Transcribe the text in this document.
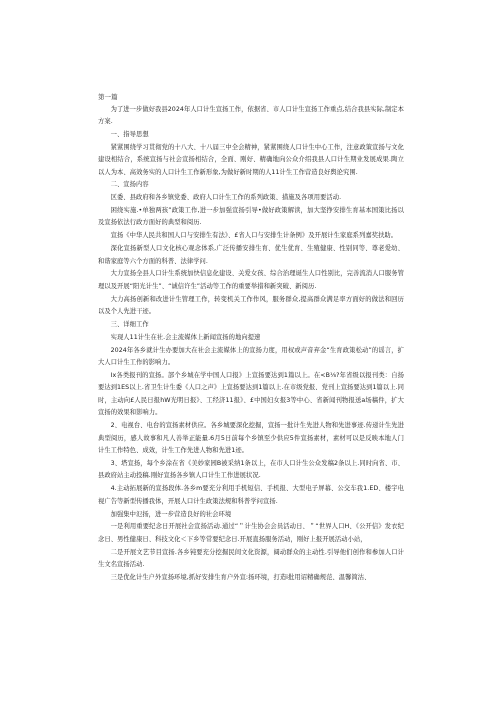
第一篇
为了进一步做好我县2024年人口计生宣扬工作，依据省、市人口计生宣扬工作重点,结合我县实际,制定本方案.
一、指导思想
紧紧围绕学习贯彻党的十八大、十八届三中全会精神，紧紧围绕人口计生中心工作，注意政策宣扬与文化建设相结合，系统宣扬与社会宣扬相结合，全面、刚好、精确地向公众介绍我县人口计生期业发展成果.陶立以人为本、高效务实的人口计生工作新形象,为做好新时期的人11计生工作营造良好舆论究围.
二、宣扬内容
区委、县政府和各乡镇党委、政府人口计生工作的系列政策、措施及各项用要活动.
困绕实施.•单独两孩”政策工作,进一步加强宣扬引导•做好政策解读，加大坚挣安排生育基本国策比扬以及宣扬依法行政方面好的典型和阅历.
宣扬《中华人民共和国人口与安排生有法》、£省人口与安排生计条例》及开展计生家庭系列嘉奖扶助。
深化宣扬新型人口文化核心观念体系,广泛传播安排生育、优生优育、生殖健康、性别同等、尊老爱幼、和谐家庭等六个方面的科普、法律学问.
大力宣扬全县人口计生系统加快信息化建设、关爱女孩、综合治理诞生人口性别比，完善流消人口服务管理以及开展“阳光计生”、“诚信许生”活动等工作的重要举措和新突破、新阅历.
大力高扬创新和改进计生管理工作，转变机关工作作风，服务群众,提高群众满足率方面好的做法和回历以及个人先进干迹。
三、详细工作
实现人11计生在社.会主流媒体上新闻宣扬的地向提速
2024年各乡就计生办要加大在社会主流媒体上的宣扬力度，用权或声音弃金“生育政策松动”的谣言，扩大人口计生工作的影响力。
Ix各类报刊的宣扬。部个乡城在学中国人口报》上宣扬要达到1篇以上。在<B⅛?年省级以报刊类：自扬要达到1ES以上.省卫生计生委《人口之声》上宣扬要达到1篇以上.在市级党报、党刊上宣扬要达到1篇以上.同时，主动向£人民日报hW光明日报》、工经济11报》、£中国妇女报3等中心、省新闻刊物报送a场稿件，扩大宣扬的效果和影响力。
2、电视台、电台的宣扬素材供应。各乡城要深化挖掘，宣扬一批计生先进人物和先进事迹.传递计生先进典型阅历，感人故事和凡人善举正能量.6月5日前每个乡镇至少供应5件宣扬素材，素材可以是反映本地人门计生工作特色、成效，计生工作先进人物和先进1迹。
3、塔宣扬，每个乡涂在省《美妙家园B被采纳1条以上，在市人口计生公众发稿2条以上.同时向省、市、县政府站主动投稿.刚好宣扬各乡镇人口计生工作进展状况.
4.主动拓展新的宣扬段体.各乡m要充分利用手机短信、手机报、大型电子屏幕、公交车我1.ED、楼宇电视广告等新型传播我体，开展人口计生政策法规和科普学问宣扬.
加强集中氾扬，进一步营造良好的社会环境
一是利用重要纪念日开展社会宣扬活动.通过“＂计生协会会员活动日、＂“世界人口H、《公开信》发衣纪念日、男性健康日、科技文化＜下乡等常要纪念日.开展直扬服务活动，刚好上报开展活动小站，
二是开展文艺节目宣扬.各乡钝要充分挖掘民间文化资源，阔动群众的主动性.引导他们创作和参加人口计生文名宣扬活动.
三是优化计生户外宣扬环境,抓好安排生育户外宣:扬环境，打造i批用诏精确规范、温馨简沽、
